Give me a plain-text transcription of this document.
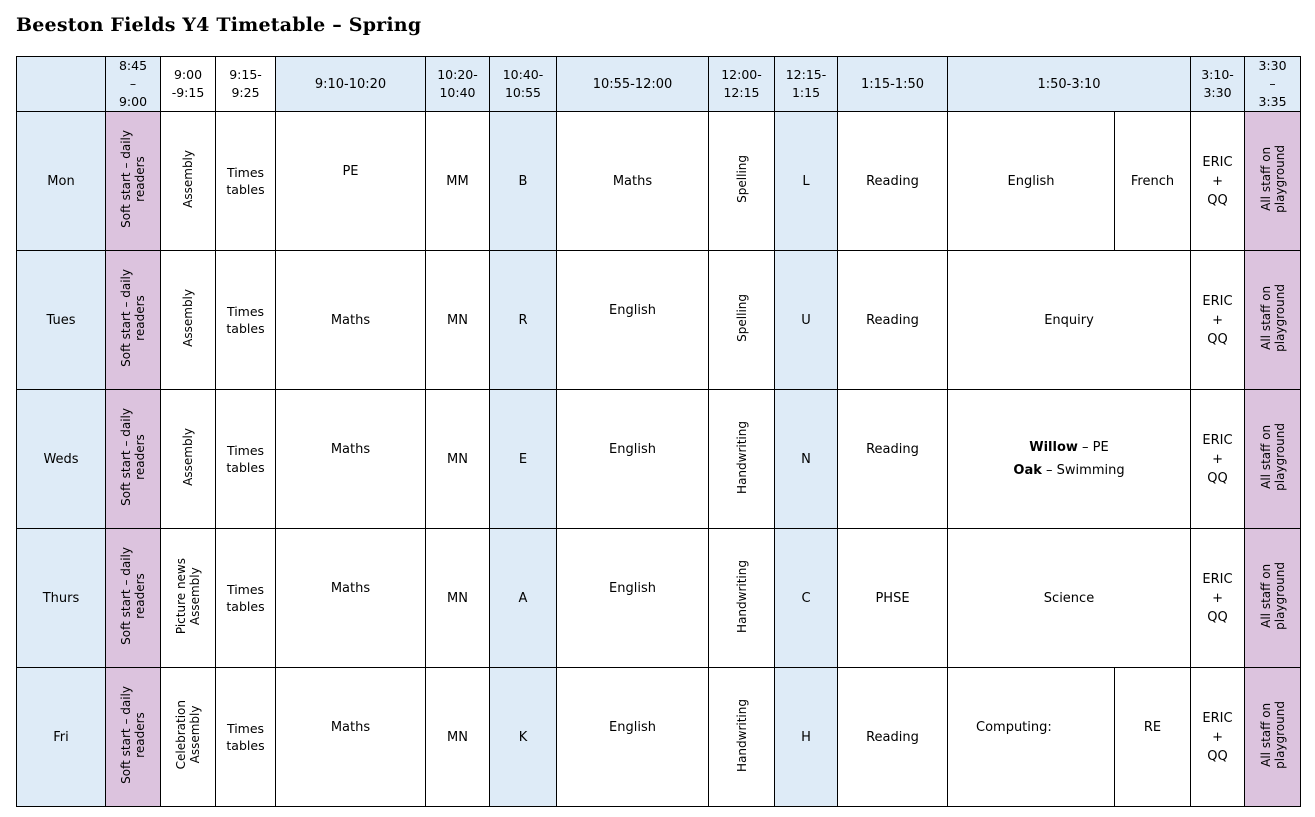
Beeston Fields Y4 Timetable – Spring
	8:45
–
9:00	9:00
-9:15	9:15-
9:25	9:10-10:20	10:20-
10:40	10:40-
10:55	10:55-12:00	12:00-
12:15	12:15-
1:15	1:15-1:50	1:50-3:10		3:10-
3:30	3:30
–
3:35
Mon	Soft start – daily
readers	Assembly	Times
tables	PE	MM	B	Maths	Spelling	L	Reading	English	French	ERIC
+
QQ	All staff on
playground
Tues	Soft start – daily
readers	Assembly	Times
tables	Maths	MN	R	English	Spelling	U	Reading	Enquiry		ERIC
+
QQ	All staff on
playground
Weds	Soft start – daily
readers	Assembly	Times
tables	Maths	MN	E	English	Handwriting	N	Reading	Willow – PE
Oak – Swimming		ERIC
+
QQ	All staff on
playground
Thurs	Soft start – daily
readers	Picture news
Assembly	Times
tables	Maths	MN	A	English	Handwriting	C	PHSE	Science		ERIC
+
QQ	All staff on
playground
Fri	Soft start – daily
readers	Celebration
Assembly	Times
tables	Maths	MN	K	English	Handwriting	H	Reading	Computing:	RE	ERIC
+
QQ	All staff on
playground
